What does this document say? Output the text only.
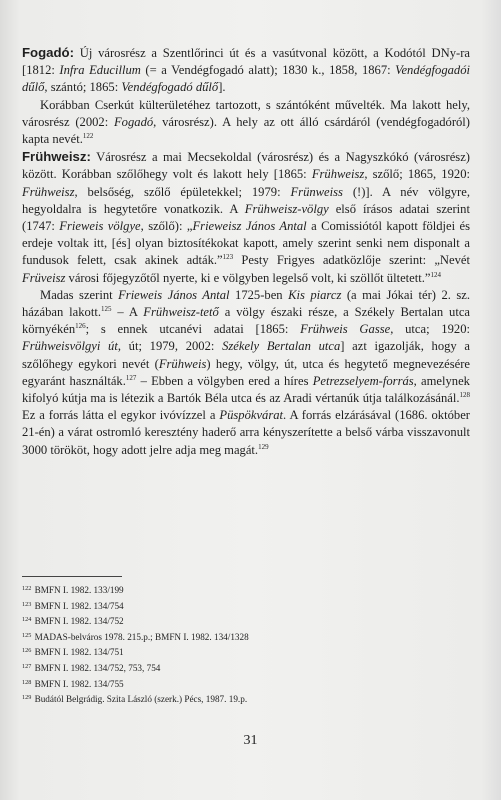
Fogadó: Új városrész a Szentlőrinci út és a vasútvonal között, a Kodótól DNy-ra [1812: Infra Educillum (= a Vendégfogadó alatt); 1830 k., 1858, 1867: Vendégfogadói dűlő, szántó; 1865: Vendégfogadó dűlő].

Korábban Cserkút külterületéhez tartozott, s szántóként művelték. Ma lakott hely, városrész (2002: Fogadó, városrész). A hely az ott álló csárdáról (vendégfogadóról) kapta nevét.$^{122}$

Frühweisz: Városrész a mai Mecsekoldal (városrész) és a Nagyszkókó (városrész) között. Korábban szőlőhegy volt és lakott hely [1865: Frühweisz, szőlő; 1865, 1920: Frühweisz, belsőség, szőlő épületekkel; 1979: Frünweiss (!)]. A név völgyre, hegyoldalra is hegytetőre vonatkozik. A Frühweisz-völgy első írásos adatai szerint (1747: Frieweis völgye, szőlő): „Frieweisz János Antal a Comissiótól kapott földjei és erdeje voltak itt, [és] olyan biztosítékokat kapott, amely szerint senki nem disponalt a fundusok felett, csak akinek adták.”$^{123}$ Pesty Frigyes adatközlője szerint: „Nevét Früveisz városi főjegyzőtől nyerte, ki e völgyben legelső volt, ki szöllőt ültetett.”$^{124}$

Madas szerint Frieweis János Antal 1725-ben Kis piarcz (a mai Jókai tér) 2. sz. házában lakott.$^{125}$ – A Frühweisz-tető a völgy északi része, a Székely Bertalan utca környékén$^{126}$; s ennek utcanévi adatai [1865: Frühweis Gasse, utca; 1920: Frühweisvölgyi út, út; 1979, 2002: Székely Bertalan utca] azt igazolják, hogy a szőlőhegy egykori nevét (Frühweis) hegy, völgy, út, utca és hegytető megnevezésére egyaránt használták.$^{127}$ – Ebben a völgyben ered a híres Petrezselyem-forrás, amelynek kifolyó kútja ma is létezik a Bartók Béla utca és az Aradi vértanúk útja találkozásánál.$^{128}$ Ez a forrás látta el egykor ivóvízzel a Püspökvárat. A forrás elzárásával (1686. október 21-én) a várat ostromló keresztény haderő arra kényszerítette a belső várba visszavonult 3000 törököt, hogy adott jelre adja meg magát.$^{129}$

$^{122}$ BMFN I. 1982. 133/199
$^{123}$ BMFN I. 1982. 134/754
$^{124}$ BMFN I. 1982. 134/752
$^{125}$ MADAS-belváros 1978. 215.p.; BMFN I. 1982. 134/1328
$^{126}$ BMFN I. 1982. 134/751
$^{127}$ BMFN I. 1982. 134/752, 753, 754
$^{128}$ BMFN I. 1982. 134/755
$^{129}$ Budától Belgrádig. Szita László (szerk.) Pécs, 1987. 19.p.
31
